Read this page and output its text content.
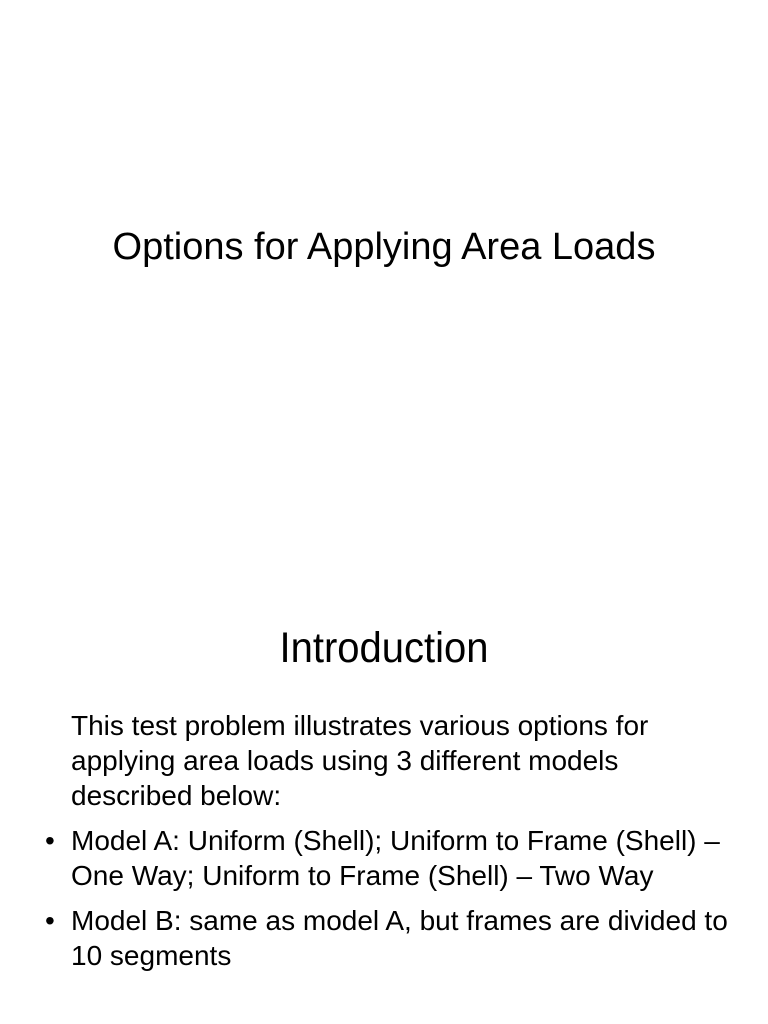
Options for Applying Area Loads
Introduction

This test problem illustrates various options for applying area loads using 3 different models described below:

• Model A: Uniform (Shell); Uniform to Frame (Shell) – One Way; Uniform to Frame (Shell) – Two Way
• Model B: same as model A, but frames are divided to 10 segments
